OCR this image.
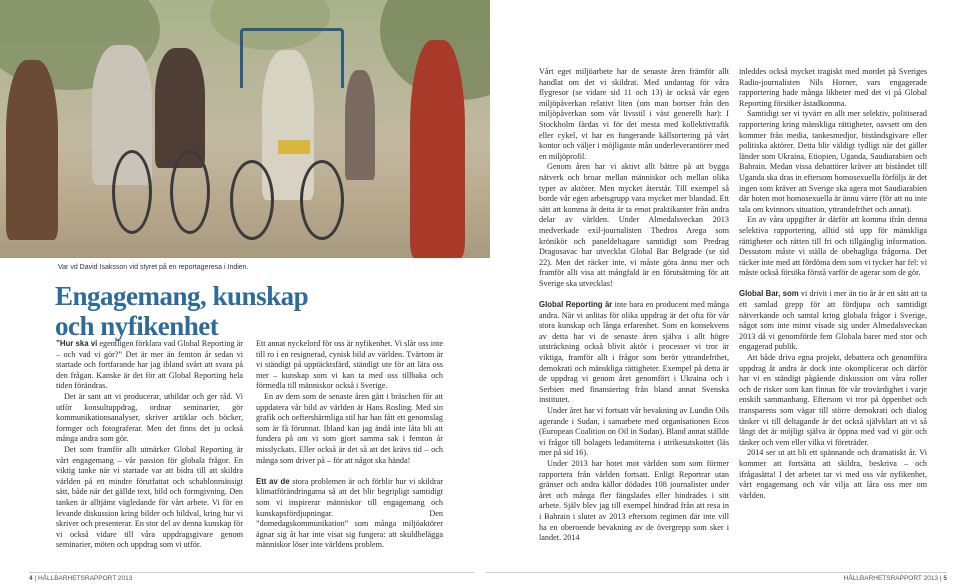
Var vd David Isaksson vid styret på en reportageresa i Indien.
Engagemang, kunskap
och nyfikenhet

”Hur ska vi egentligen förklara vad Global Reporting är – och vad vi gör?” Det är mer än femton år sedan vi startade och fortfarande har jag ibland svårt att svara på den frågan. Kanske är det för att Global Reporting hela tiden förändras.

Det är sant att vi producerar, utbildar och ger råd. Vi utför konsultuppdrag, ordnar seminarier, gör kommunikationsanalyser, skriver artiklar och böcker, formger och fotograferar. Men det finns det ju också många andra som gör.

Det som framför allt utmärker Global Reporting är vårt engagemang – vår passion för globala frågor. En viktig tanke när vi startade var att bidra till att skildra världen på ett mindre förutfattat och schablonmässigt sätt, både när det gällde text, bild och formgivning. Den tanken är alltjämt vägledande för vårt arbete. Vi för en levande diskussion kring bilder och bildval, kring hur vi skriver och presenterar. En stor del av denna kunskap för vi också vidare till våra uppdragsgivare genom seminarier, möten och uppdrag som vi utför.

Ett annat nyckelord för oss är nyfikenhet. Vi slår oss inte till ro i en resignerad, cynisk bild av världen. Tvärtom är vi ständigt på upptäcktsfärd, ständigt ute för att lära oss mer – kunskap som vi kan ta med oss tillbaka och förmedla till människor också i Sverige.

En av dem som de senaste åren gått i bräschen för att uppdatera vår bild av världen är Hans Rosling. Med sin grafik och oeftershärmliga stil har han fått ett genomslag som är få förunnat. Ibland kan jag ändå inte låta bli att fundera på om vi som gjort samma sak i femton år misslyckats. Eller också är det så att det krävs tid – och många som driver på – för att något ska hända!

Ett av de stora problemen är och förblir hur vi skildrar klimatförändringarna så att det blir begripligt samtidigt som vi inspirerar människor till engagemang och kunskapsfördjupningar. Den ”domedagskommunikation” som många miljöaktörer ägnar sig åt har inte visat sig fungera: att skuldbelägga människor löser inte världens problem.

Vårt eget miljöarbete har de senaste åren främför allt handlat om det vi skildrat. Med undantag för våra flygresor (se vidare sid 11 och 13) är också vår egen miljöpåverkan relativt liten (om man bortser från den miljöpåverkan som vår livsstil i väst generellt har): I Stockholm färdas vi för det mesta med kollektivtrafik eller cykel, vi har en fungerande källsortering på vårt kontor och väljer i möjligaste mån underleverantörer med en miljöprofil.

Genom åren har vi aktivt allt bättre på att bygga nätverk och broar mellan människor och mellan olika typer av aktörer. Men mycket återstår. Till exempel så borde vår egen arbetsgrupp vara mycket mer blandad. Ett sätt att komma åt detta är ta emot praktikanter från andra delar av världen. Under Almedalsveckan 2013 medverkade exil-journalisten Thedros Arega som krönikör och paneldeltagare samtidigt som Predrag Dragosavac har utvecklat Global Bar Belgrade (se sid 22). Men det räcker inte, vi måste göra ännu mer och framför allt visa att mångfald är en förutsättning för att Sverige ska utvecklas!

Global Reporting är inte bara en producent med många andra. När vi anlitas för olika uppdrag är det ofta för vår stora kunskap och långa erfarenhet. Som en konsekvens av detta har vi de senaste åren själva i allt högre utsträckning också blivit aktör i processer vi tror är viktiga, framför allt i frågor som berör yttrandefrihet, demokrati och mänskliga rättigheter. Exempel på detta är de uppdrag vi genom året genomfört i Ukraina och i Serbien med finansiering från bland annat Svenska institutet.

Under året har vi fortsatt vår bevakning av Lundin Oils agerande i Sudan, i samarbete med organisationen Ecos (European Coalition on Oil in Sudan). Bland annat ställde vi frågor till bolagets ledamöterna i utrikesutskottet (läs mer på sid 16).

Under 2013 har hotet mot världen som som förmer rapportera från världen fortsatt. Enligt Reportrar utan gränser och andra källor dödades 108 journalister under året och många fler fängslades eller hindrades i sitt arbete. Själv blev jag till exempel hindrad från att resa in i Bahrain i slutet av 2013 eftersom regimen där inte vill ha en oberoende bevakning av de övergrepp som sker i landet. 2014

inleddes också mycket tragiskt med mordet på Sveriges Radio-journalisten Nils Horner, vars engagerade rapportering hade många likheter med det vi på Global Reporting försöker åstadkomma.

Samtidigt ser vi tyvärr en allt mer selektiv, politiserad rapportering kring mänskliga rättigheter, oavsett om den kommer från media, tankesmedjor, biståndsgivare eller politiska aktörer. Detta blir väldigt tydligt när det gäller länder som Ukraina, Etiopien, Uganda, Saudiarabien och Bahrain. Medan vissa debattörer kräver att biståndet till Uganda ska dras in eftersom homosexuella förföljs är det ingen som kräver att Sverige ska agera mot Saudiarabien där hoten mot homosexuella är ännu värre (för att nu inte tala om kvinnors situation, yttrandefrihet och annat).

En av våra uppgifter är därför att komma ifrån denna selektiva rapportering, alltid stå upp för mänskliga rättigheter och rätten till fri och tillgänglig information. Dessutom måste vi ställa de obehagliga frågorna. Det räcker inte med att fördöma dem som vi tycker har fel: vi måste också försöka förstå varför de agerar som de gör.

Global Bar, som vi drivit i mer än tio år är ett sätt att ta ett samlad grepp för att fördjupa och samtidigt nätverkande och samtal kring globala frågor i Sverige, något som inte minst visade sig under Almedalsveckan 2013 då vi genomförde fem Globala barer med stor och engagerad publik.

Att både driva egna projekt, debattera och genomföra uppdrag åt andra är dock inte okomplicerat och därför har vi en ständigt pågående diskussion om våra roller och de risker som kan finnas för vår trovärdighet i varje enskilt sammanhang. Eftersom vi tror på öppenhet och transparens som vägar till större demokrati och dialog tänker vi till deltagande är det också självklart att vi så långt det är möjligt själva är öppna med vad vi gör och tänker och vem eller vilka vi företräder.

2014 ser ut att bli ett spännande och dramatiskt år. Vi kommer att fortsätta att skildra, beskriva – och ifrågasätta! I det arbetet tar vi med oss vår nyfikenhet, vårt engagemang och vår vilja att låra oss mer om världen.

4 | HÅLLBARHETSRAPPORT 2013	HÅLLBARHETSRAPPORT 2013 | 5
